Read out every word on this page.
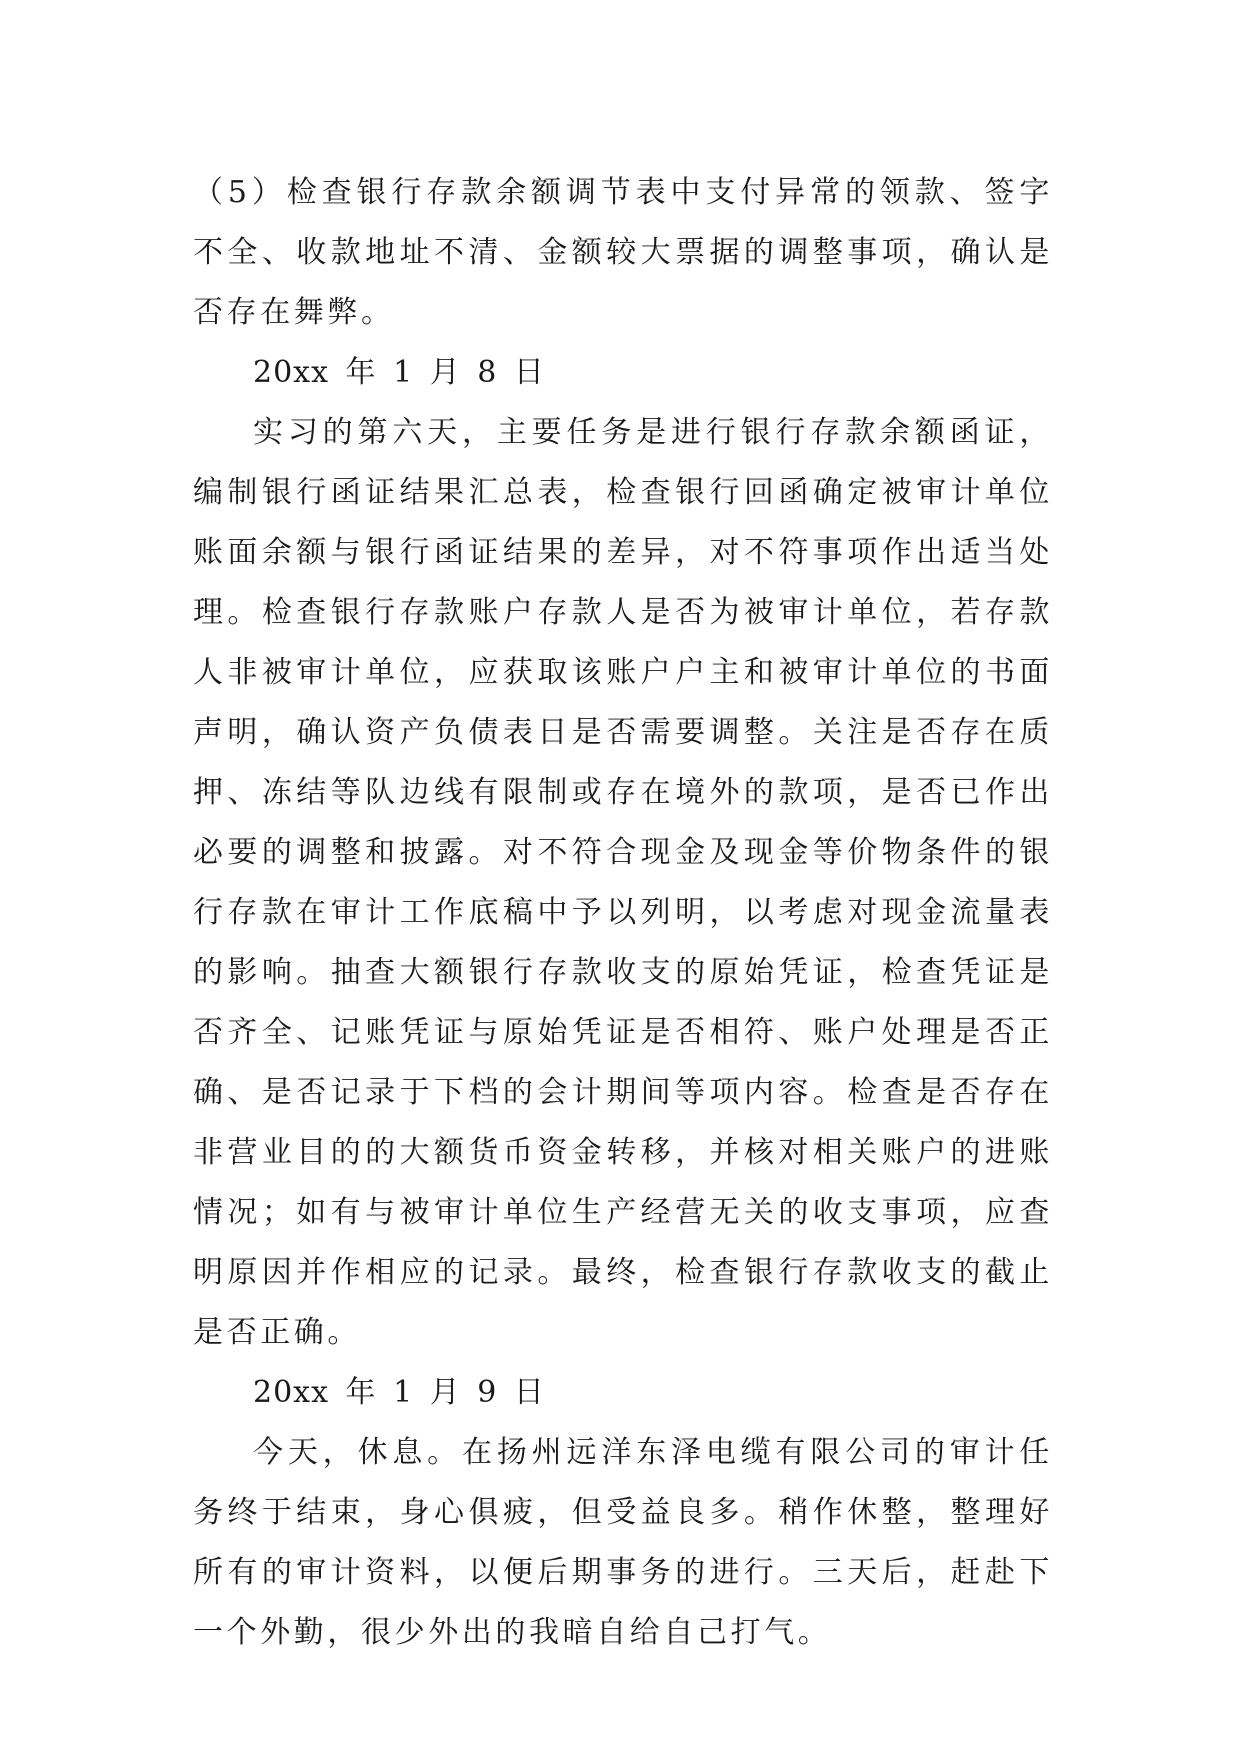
（5）检查银行存款余额调节表中支付异常的领款、签字不全、收款地址不清、金额较大票据的调整事项，确认是否存在舞弊。

20xx 年 1 月 8 日

实习的第六天，主要任务是进行银行存款余额函证，编制银行函证结果汇总表，检查银行回函确定被审计单位账面余额与银行函证结果的差异，对不符事项作出适当处理。检查银行存款账户存款人是否为被审计单位，若存款人非被审计单位，应获取该账户户主和被审计单位的书面声明，确认资产负债表日是否需要调整。关注是否存在质押、冻结等队边线有限制或存在境外的款项，是否已作出必要的调整和披露。对不符合现金及现金等价物条件的银行存款在审计工作底稿中予以列明，以考虑对现金流量表的影响。抽查大额银行存款收支的原始凭证，检查凭证是否齐全、记账凭证与原始凭证是否相符、账户处理是否正确、是否记录于下档的会计期间等项内容。检查是否存在非营业目的的大额货币资金转移，并核对相关账户的进账情况；如有与被审计单位生产经营无关的收支事项，应查明原因并作相应的记录。最终，检查银行存款收支的截止是否正确。

20xx 年 1 月 9 日

今天，休息。在扬州远洋东泽电缆有限公司的审计任务终于结束，身心俱疲，但受益良多。稍作休整，整理好所有的审计资料，以便后期事务的进行。三天后，赶赴下一个外勤，很少外出的我暗自给自己打气。
